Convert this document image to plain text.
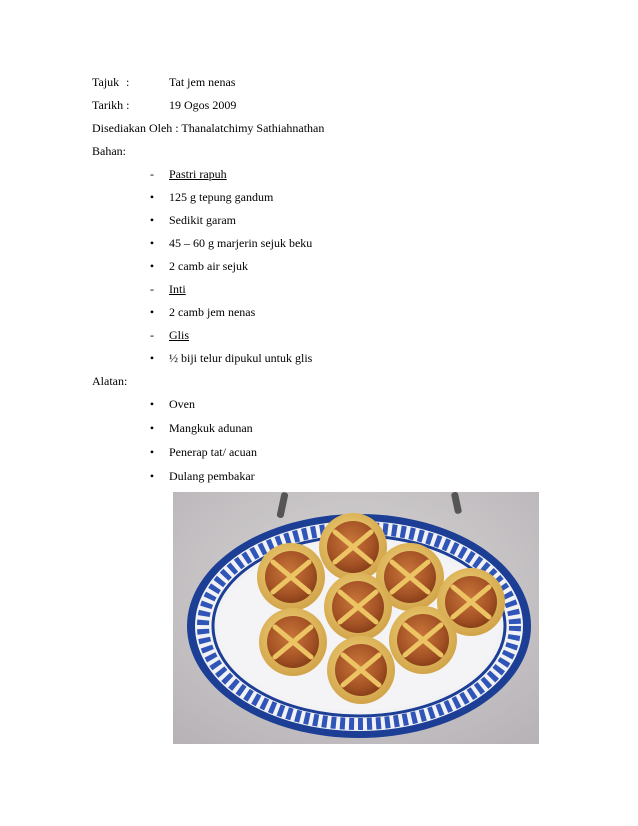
Tajuk :	Tat jem nenas
Tarikh :	19 Ogos 2009
Disediakan Oleh : Thanalatchimy Sathiahnathan
Bahan:
-	Pastri rapuh
•	125 g tepung gandum
•	Sedikit garam
•	45 – 60 g marjerin sejuk beku
•	2 camb air sejuk
-	Inti
•	2 camb jem nenas
-	Glis
•	½ biji telur dipukul untuk glis
Alatan:
•	Oven
•	Mangkuk adunan
•	Penerap tat/ acuan
•	Dulang pembakar
